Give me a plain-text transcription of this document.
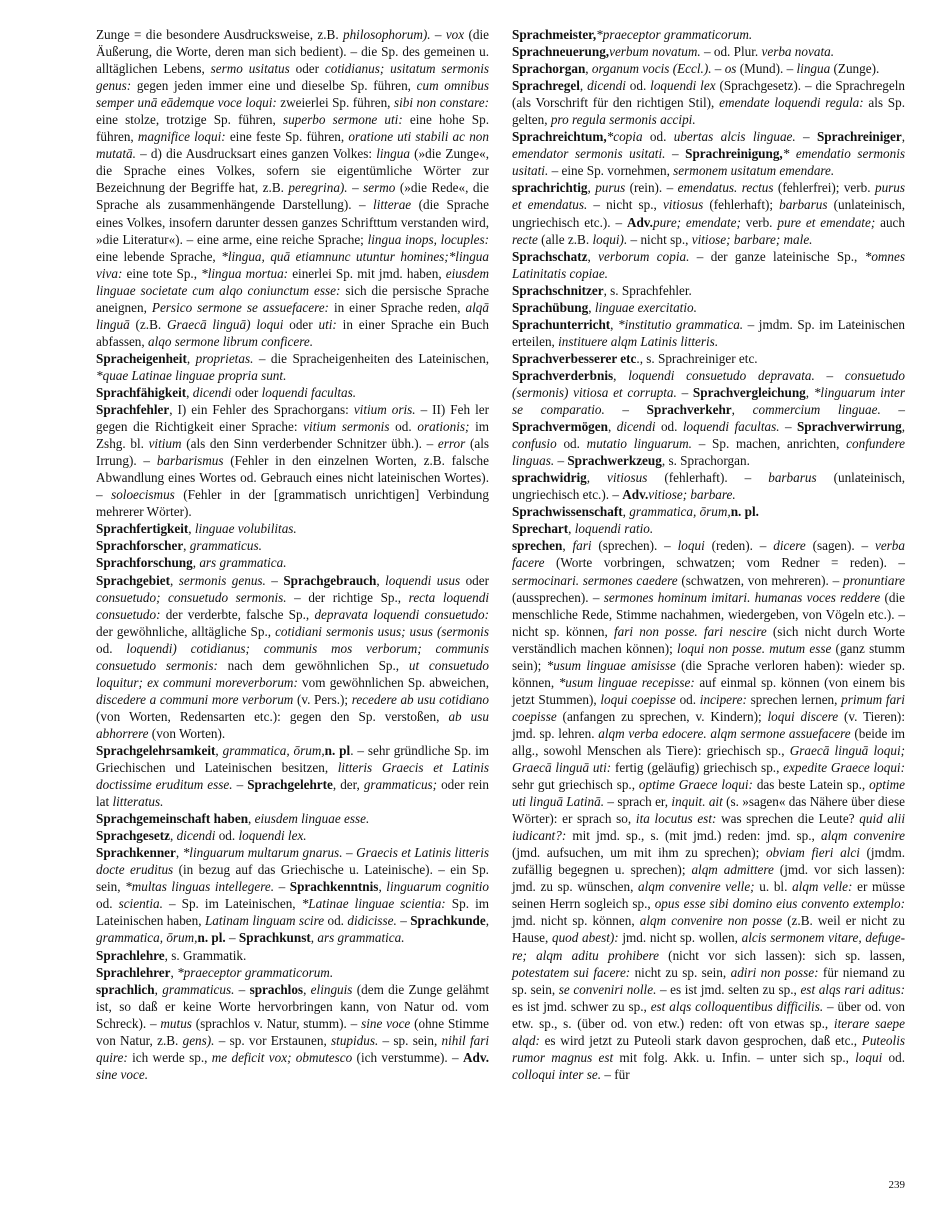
Zunge = die besondere Ausdrucksweise, z.B. philosophorum). – vox (die Äußerung, die Worte, deren man sich bedient). – die Sp. des gemeinen u. alltäglichen Lebens, sermo usitatus oder cotidianus; usitatum sermonis genus: gegen jeden immer eine und dieselbe Sp. führen, cum omnibus semper unā eādemque voce loqui: zweierlei Sp. führen, sibi non constare: eine stolze, trotzige Sp. führen, superbo sermone uti: eine hohe Sp. führen, magnifice loqui: eine feste Sp. führen, oratione uti stabili ac non mutatā. – d) die Ausdrucksart eines ganzen Volkes: lingua (»die Zunge«, die Sprache eines Volkes, sofern sie eigentümliche Wörter zur Bezeichnung der Begriffe hat, z.B. peregrina). – sermo (»die Rede«, die Sprache als zusammenhängende Darstellung). – litterae (die Sprache eines Volkes, insofern darunter dessen ganzes Schrifttum verstanden wird, »die Literatur«). – eine arme, eine reiche Sprache; lingua inops, locuples: eine lebende Sprache, *lingua, quā etiamnunc utuntur homines;*lingua viva: eine tote Sp., *lingua mortua: einerlei Sp. mit jmd. haben, eiusdem linguae societate cum alqo coniunctum esse: sich die persische Sprache aneignen, Persico sermone se assuefacere: in einer Sprache reden, alqā linguā (z.B. Graecā linguā) loqui oder uti: in einer Sprache ein Buch abfassen, alqo sermone librum conficere.

Spracheigenheit, proprietas. – die Spracheigenheiten des Lateinischen, *quae Latinae linguae propria sunt.

Sprachfähigkeit, dicendi oder loquendi facultas.

Sprachfehler, I) ein Fehler des Sprachorgans: vitium oris. – II) Feh ler gegen die Richtigkeit einer Sprache: vitium sermonis od. orationis; im Zshg. bl. vitium (als den Sinn verderbender Schnitzer übh.). – error (als Irrung). – barbarismus (Fehler in den einzelnen Worten, z.B. falsche Abwandlung eines Wortes od. Gebrauch eines nicht lateinischen Wortes). – soloecismus (Fehler in der [grammatisch unrichtigen] Verbindung mehrerer Wörter).

Sprachfertigkeit, linguae volubilitas.

Sprachforscher, grammaticus.

Sprachforschung, ars grammatica.

Sprachgebiet, sermonis genus. – Sprachgebrauch, loquendi usus oder consuetudo; consuetudo sermonis. – der richtige Sp., recta loquendi consuetudo: der verderbte, falsche Sp., depravata loquendi consuetudo: der gewöhnliche, alltägliche Sp., cotidiani sermonis usus; usus (sermonis od. loquendi) cotidianus; communis mos verborum; communis consuetudo sermonis: nach dem gewöhnlichen Sp., ut consuetudo loquitur; ex communi moreverborum: vom gewöhnlichen Sp. abweichen, discedere a communi more verborum (v. Pers.); recedere ab usu cotidiano (von Worten, Redensarten etc.): gegen den Sp. verstoßen, ab usu abhorrere (von Worten).

Sprachgelehrsamkeit, grammatica, ōrum,n. pl. – sehr gründliche Sp. im Griechischen und Lateinischen besitzen, litteris Graecis et Latinis doctissime eruditum esse. – Sprachgelehrte, der, grammaticus; oder rein lat litteratus.

Sprachgemeinschaft haben, eiusdem linguae esse.

Sprachgesetz, dicendi od. loquendi lex.

Sprachkenner, *linguarum multarum gnarus. – Graecis et Latinis litteris docte eruditus (in bezug auf das Griechische u. Lateinische). – ein Sp. sein, *multas linguas intellegere. – Sprachkenntnis, linguarum cognitio od. scientia. – Sp. im Lateinischen, *Latinae linguae scientia: Sp. im Lateinischen haben, Latinam linguam scire od. didicisse. – Sprachkunde, grammatica, ōrum,n. pl. – Sprachkunst, ars grammatica.

Sprachlehre, s. Grammatik.

Sprachlehrer, *praeceptor grammaticorum.

sprachlich, grammaticus. – sprachlos, elinguis (dem die Zunge gelähmt ist, so daß er keine Worte hervorbringen kann, von Natur od. vom Schreck). – mutus (sprachlos v. Natur, stumm). – sine voce (ohne Stimme von Natur, z.B. gens). – sp. vor Erstaunen, stupidus. – sp. sein, nihil fari quire: ich werde sp., me deficit vox; obmutesco (ich verstumme). – Adv. sine voce.

Sprachmeister,*praeceptor grammaticorum.

Sprachneuerung,verbum novatum. – od. Plur. verba novata.

Sprachorgan, organum vocis (Eccl.). – os (Mund). – lingua (Zunge).

Sprachregel, dicendi od. loquendi lex (Sprachgesetz). – die Sprachregeln (als Vorschrift für den richtigen Stil), emendate loquendi regula: als Sp. gelten, pro regula sermonis accipi.

Sprachreichtum,*copia od. ubertas alcis linguae. – Sprachreiniger, emendator sermonis usitati. – Sprachreinigung,* emendatio sermonis usitati. – eine Sp. vornehmen, sermonem usitatum emendare.

sprachrichtig, purus (rein). – emendatus. rectus (fehlerfrei); verb. purus et emendatus. – nicht sp., vitiosus (fehlerhaft); barbarus (unlateinisch, ungriechisch etc.). – Adv.pure; emendate; verb. pure et emendate; auch recte (alle z.B. loqui). – nicht sp., vitiose; barbare; male.

Sprachschatz, verborum copia. – der ganze lateinische Sp., *omnes Latinitatis copiae.

Sprachschnitzer, s. Sprachfehler.

Sprachübung, linguae exercitatio.

Sprachunterricht, *institutio grammatica. – jmdm. Sp. im Lateinischen erteilen, instituere alqm Latinis litteris.

Sprachverbesserer etc., s. Sprachreiniger etc.

Sprachverderbnis, loquendi consuetudo depravata. – consuetudo (sermonis) vitiosa et corrupta. – Sprachvergleichung, *linguarum inter se comparatio. – Sprachverkehr, commercium linguae. – Sprachvermögen, dicendi od. loquendi facultas. – Sprachverwirrung, confusio od. mutatio linguarum. – Sp. machen, anrichten, confundere linguas. – Sprachwerkzeug, s. Sprachorgan.

sprachwidrig, vitiosus (fehlerhaft). – barbarus (unlateinisch, ungriechisch etc.). – Adv.vitiose; barbare.

Sprachwissenschaft, grammatica, ōrum,n. pl.

Sprechart, loquendi ratio.

sprechen, fari (sprechen). – loqui (reden). – dicere (sagen). – verba facere (Worte vorbringen, schwatzen; vom Redner = reden). – sermocinari. sermones caedere (schwatzen, von mehreren). – pronuntiare (aussprechen). – sermones hominum imitari. humanas voces reddere (die menschliche Rede, Stimme nachahmen, wiedergeben, von Vögeln etc.). – nicht sp. können, fari non posse. fari nescire (sich nicht durch Worte verständlich machen können); loqui non posse. mutum esse (ganz stumm sein); *usum linguae amisisse (die Sprache verloren haben): wieder sp. können, *usum linguae recepisse: auf einmal sp. können (von einem bis jetzt Stummen), loqui coepisse od. incipere: sprechen lernen, primum fari coepisse (anfangen zu sprechen, v. Kindern); loqui discere (v. Tieren): jmd. sp. lehren. alqm verba edocere. alqm sermone assuefacere (beide im allg., sowohl Menschen als Tiere): griechisch sp., Graecā linguā loqui; Graecā linguā uti: fertig (geläufig) griechisch sp., expedite Graece loqui: sehr gut griechisch sp., optime Graece loqui: das beste Latein sp., optime uti linguā Latinā. – sprach er, inquit. ait (s. »sagen« das Nähere über diese Wörter): er sprach so, ita locutus est: was sprechen die Leute? quid alii iudicant?: mit jmd. sp., s. (mit jmd.) reden: jmd. sp., alqm convenire (jmd. aufsuchen, um mit ihm zu sprechen); obviam fieri alci (jmdm. zufällig begegnen u. sprechen); alqm admittere (jmd. vor sich lassen): jmd. zu sp. wünschen, alqm convenire velle; u. bl. alqm velle: er müsse seinen Herrn sogleich sp., opus esse sibi domino eius convento extemplo: jmd. nicht sp. können, alqm convenire non posse (z.B. weil er nicht zu Hause, quod abest): jmd. nicht sp. wollen, alcis sermonem vitare, defugere; alqm aditu prohibere (nicht vor sich lassen): sich sp. lassen, potestatem sui facere: nicht zu sp. sein, adiri non posse: für niemand zu sp. sein, se conveniri nolle. – es ist jmd. selten zu sp., est alqs rari aditus: es ist jmd. schwer zu sp., est alqs colloquentibus difficilis. – über od. von etw. sp., s. (über od. von etw.) reden: oft von etwas sp., iterare saepe alqd: es wird jetzt zu Puteoli stark davon gesprochen, daß etc., Puteolis rumor magnus est mit folg. Akk. u. Infin. – unter sich sp., loqui od. colloqui inter se. – für

239
